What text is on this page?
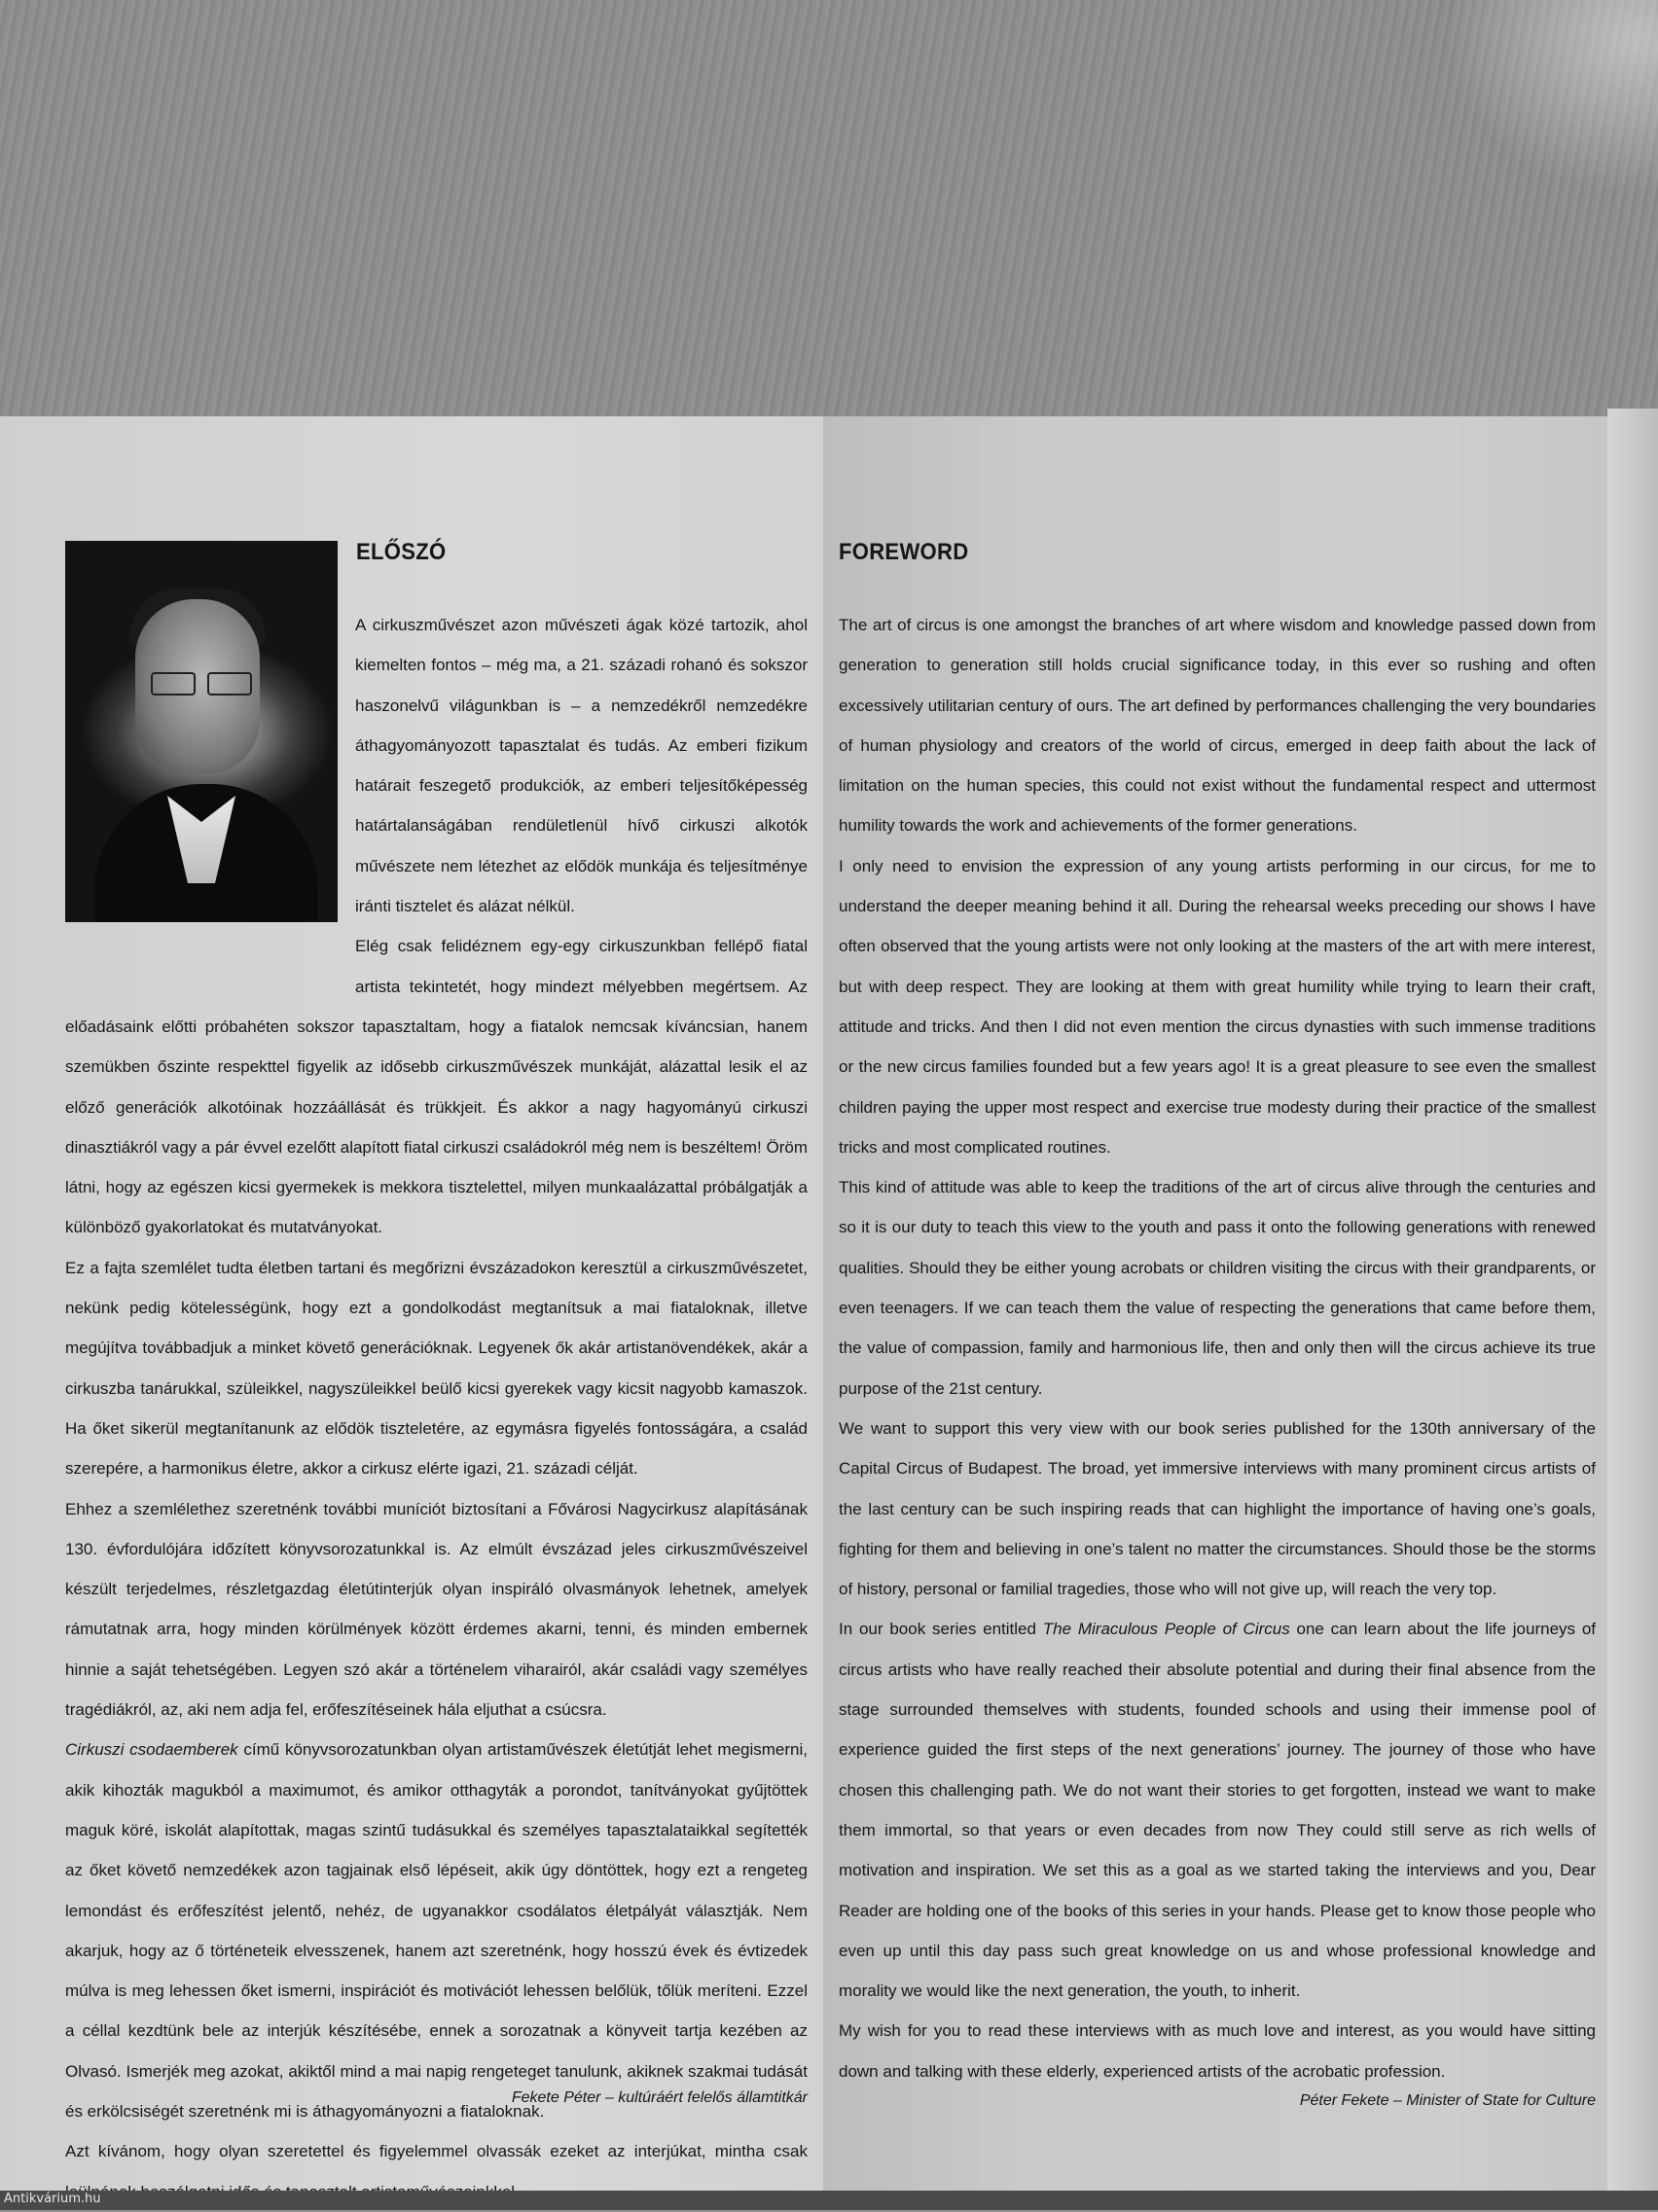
ELŐSZÓ

A cirkuszművészet azon művészeti ágak közé tartozik, ahol kiemelten fontos – még ma, a 21. századi rohanó és sokszor haszonelvű világunkban is – a nemzedékről nemzedékre áthagyományozott tapasztalat és tudás. Az emberi fizikum határait feszegető produkciók, az emberi teljesítőképesség határtalanságában rendületlenül hívő cirkuszi alkotók művészete nem létezhet az elődök munkája és teljesítménye iránti tisztelet és alázat nélkül.

Elég csak felidéznem egy-egy cirkuszunkban fellépő fiatal artista tekintetét, hogy mindezt mélyebben megértsem. Az előadásaink előtti próbahéten sokszor tapasztaltam, hogy a fiatalok nemcsak kíváncsian, hanem szemükben őszinte respekttel figyelik az idősebb cirkuszművészek munkáját, alázattal lesik el az előző generációk alkotóinak hozzáállását és trükkjeit. És akkor a nagy hagyományú cirkuszi dinasztiákról vagy a pár évvel ezelőtt alapított fiatal cirkuszi családokról még nem is beszéltem! Öröm látni, hogy az egészen kicsi gyermekek is mekkora tisztelettel, milyen munkaalázattal próbálgatják a különböző gyakorlatokat és mutatványokat.

Ez a fajta szemlélet tudta életben tartani és megőrizni évszázadokon keresztül a cirkuszművészetet, nekünk pedig kötelességünk, hogy ezt a gondolkodást megtanítsuk a mai fiataloknak, illetve megújítva továbbadjuk a minket követő generációknak. Legyenek ők akár artistanövendékek, akár a cirkuszba tanárukkal, szüleikkel, nagyszüleikkel beülő kicsi gyerekek vagy kicsit nagyobb kamaszok. Ha őket sikerül megtanítanunk az elődök tiszteletére, az egymásra figyelés fontosságára, a család szerepére, a harmonikus életre, akkor a cirkusz elérte igazi, 21. századi célját.

Ehhez a szemlélethez szeretnénk további muníciót biztosítani a Fővárosi Nagycirkusz alapításának 130. évfordulójára időzített könyvsorozatunkkal is. Az elmúlt évszázad jeles cirkuszművészeivel készült terjedelmes, részletgazdag életútinterjúk olyan inspiráló olvasmányok lehetnek, amelyek rámutatnak arra, hogy minden körülmények között érdemes akarni, tenni, és minden embernek hinnie a saját tehetségében. Legyen szó akár a történelem viharairól, akár családi vagy személyes tragédiákról, az, aki nem adja fel, erőfeszítéseinek hála eljuthat a csúcsra.

Cirkuszi csodaemberek című könyvsorozatunkban olyan artistaművészek életútját lehet megismerni, akik kihozták magukból a maximumot, és amikor otthagyták a porondot, tanítványokat gyűjtöttek maguk köré, iskolát alapítottak, magas szintű tudásukkal és személyes tapasztalataikkal segítették az őket követő nemzedékek azon tagjainak első lépéseit, akik úgy döntöttek, hogy ezt a rengeteg lemondást és erőfeszítést jelentő, nehéz, de ugyanakkor csodálatos életpályát választják. Nem akarjuk, hogy az ő történeteik elvesszenek, hanem azt szeretnénk, hogy hosszú évek és évtizedek múlva is meg lehessen őket ismerni, inspirációt és motivációt lehessen belőlük, tőlük meríteni. Ezzel a céllal kezdtünk bele az interjúk készítésébe, ennek a sorozatnak a könyveit tartja kezében az Olvasó. Ismerjék meg azokat, akiktől mind a mai napig rengeteget tanulunk, akiknek szakmai tudását és erkölcsiségét szeretnénk mi is áthagyományozni a fiataloknak.

Azt kívánom, hogy olyan szeretettel és figyelemmel olvassák ezeket az interjúkat, mintha csak

Fekete Péter – kultúráért felelős államtitkár
FOREWORD

The art of circus is one amongst the branches of art where wisdom and knowledge passed down from generation to generation still holds crucial significance today, in this ever so rushing and often excessively utilitarian century of ours. The art defined by performances challenging the very boundaries of human physiology and creators of the world of circus, emerged in deep faith about the lack of limitation on the human species, this could not exist without the fundamental respect and uttermost humility towards the work and achievements of the former generations.

I only need to envision the expression of any young artists performing in our circus, for me to understand the deeper meaning behind it all. During the rehearsal weeks preceding our shows I have often observed that the young artists were not only looking at the masters of the art with mere interest, but with deep respect. They are looking at them with great humility while trying to learn their craft, attitude and tricks. And then I did not even mention the circus dynasties with such immense traditions or the new circus families founded but a few years ago! It is a great pleasure to see even the smallest children paying the upper most respect and exercise true modesty during their practice of the smallest tricks and most complicated routines.

This kind of attitude was able to keep the traditions of the art of circus alive through the centuries and so it is our duty to teach this view to the youth and pass it onto the following generations with renewed qualities. Should they be either young acrobats or children visiting the circus with their grandparents, or even teenagers. If we can teach them the value of respecting the generations that came before them, the value of compassion, family and harmonious life, then and only then will the circus achieve its true purpose of the 21st century.

We want to support this very view with our book series published for the 130th anniversary of the Capital Circus of Budapest. The broad, yet immersive interviews with many prominent circus artists of the last century can be such inspiring reads that can highlight the importance of having one’s goals, fighting for them and believing in one’s talent no matter the circumstances. Should those be the storms of history, personal or familial tragedies, those who will not give up, will reach the very top.

In our book series entitled The Miraculous People of Circus one can learn about the life journeys of circus artists who have really reached their absolute potential and during their final absence from the stage surrounded themselves with students, founded schools and using their immense pool of experience guided the first steps of the next generations’ journey. The journey of those who have chosen this challenging path. We do not want their stories to get forgotten, instead we want to make them immortal, so that years or even decades from now They could still serve as rich wells of motivation and inspiration. We set this as a goal as we started taking the interviews and you, Dear Reader are holding one of the books of this series in your hands. Please get to know those people who even up until this day pass such great knowledge on us and whose professional knowledge and morality we would like the next generation, the youth, to inherit.

My wish for you to read these interviews with as much love and interest, as you would have sitting down and talking with these elderly, experienced artists of the acrobatic profession.

Péter Fekete – Minister of State for Culture
Antikvárium.hu
